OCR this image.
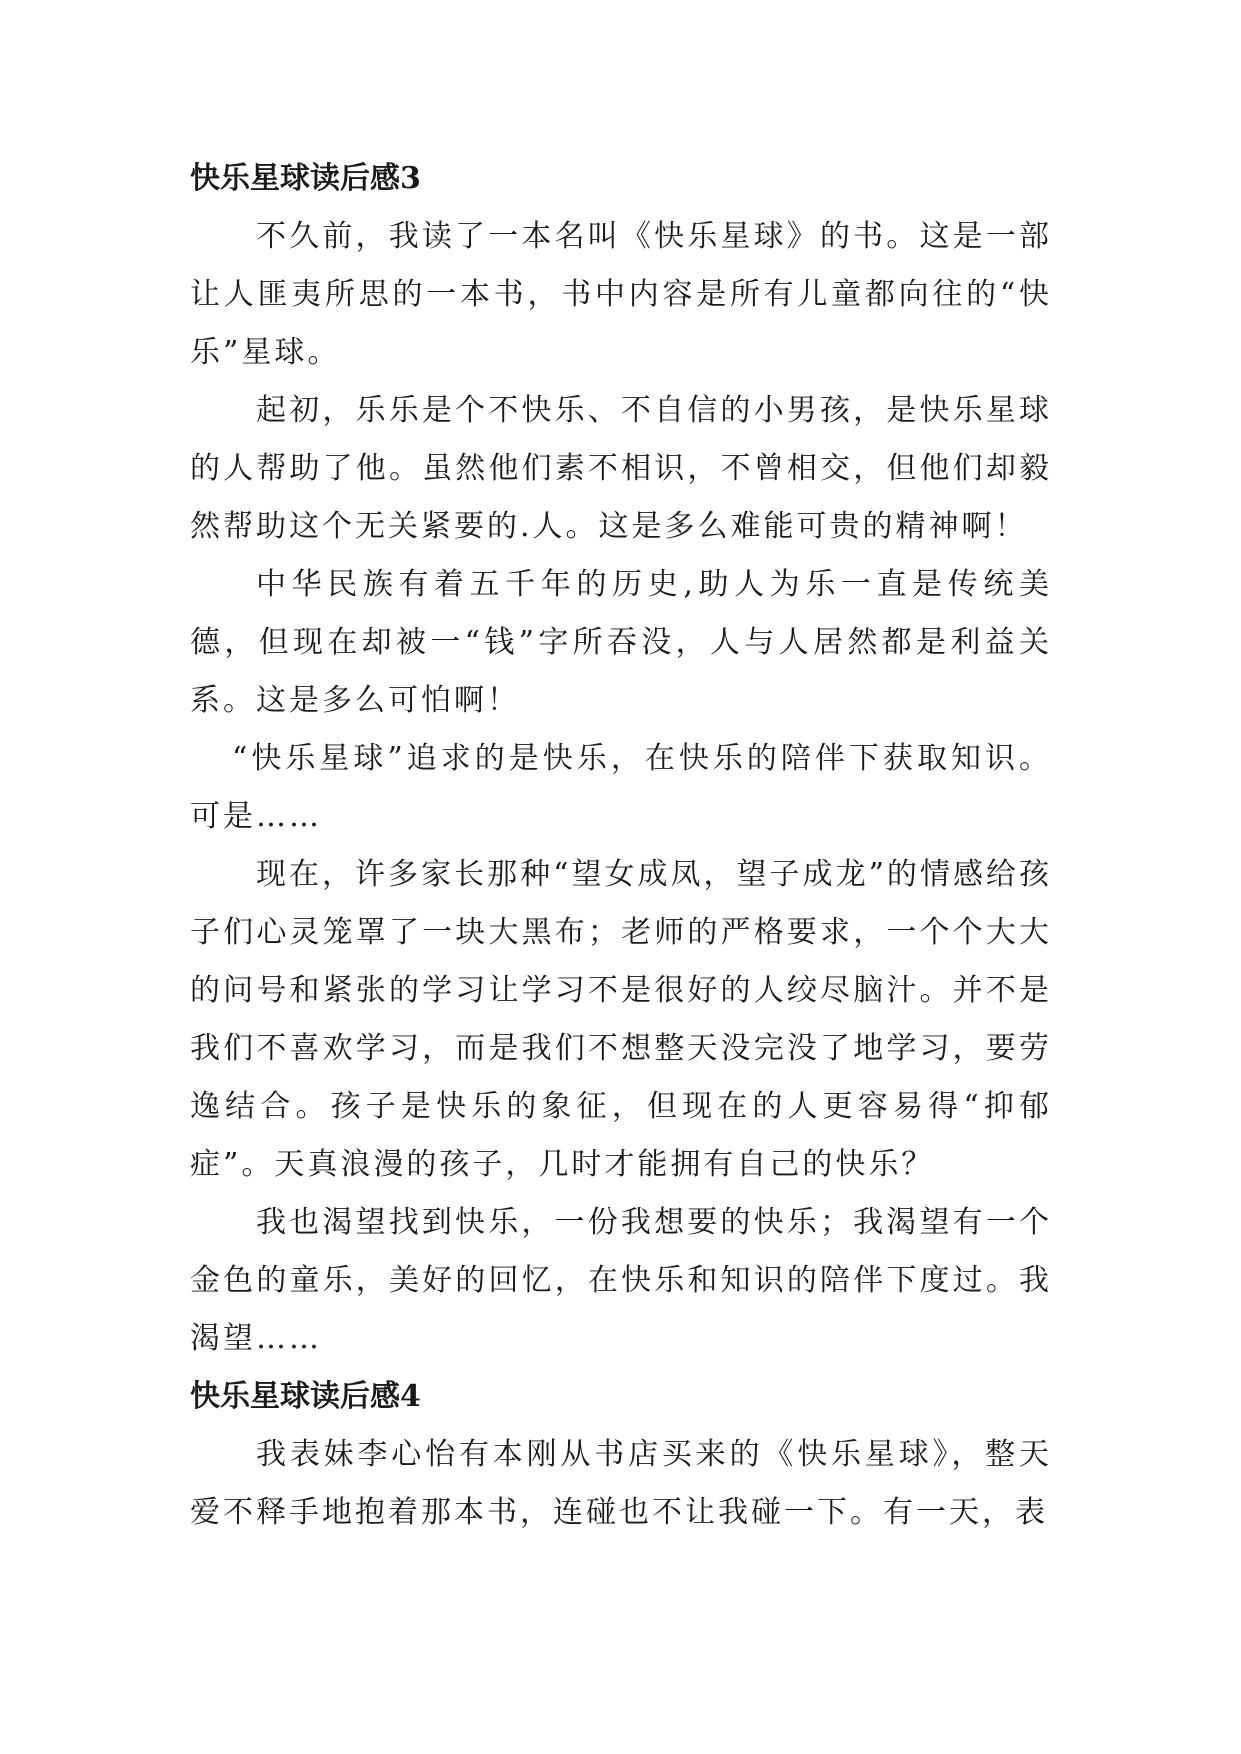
快乐星球读后感3

不久前，我读了一本名叫《快乐星球》的书。这是一部让人匪夷所思的一本书，书中内容是所有儿童都向往的“快乐”星球。

起初，乐乐是个不快乐、不自信的小男孩，是快乐星球的人帮助了他。虽然他们素不相识，不曾相交，但他们却毅然帮助这个无关紧要的.人。这是多么难能可贵的精神啊！

中华民族有着五千年的历史,助人为乐一直是传统美德，但现在却被一“钱”字所吞没，人与人居然都是利益关系。这是多么可怕啊！

“快乐星球”追求的是快乐，在快乐的陪伴下获取知识。可是……

现在，许多家长那种“望女成凤，望子成龙”的情感给孩子们心灵笼罩了一块大黑布；老师的严格要求，一个个大大的问号和紧张的学习让学习不是很好的人绞尽脑汁。并不是我们不喜欢学习，而是我们不想整天没完没了地学习，要劳逸结合。孩子是快乐的象征，但现在的人更容易得“抑郁症”。天真浪漫的孩子，几时才能拥有自己的快乐？

我也渴望找到快乐，一份我想要的快乐；我渴望有一个金色的童乐，美好的回忆，在快乐和知识的陪伴下度过。我渴望……

快乐星球读后感4

我表妹李心怡有本刚从书店买来的《快乐星球》，整天爱不释手地抱着那本书，连碰也不让我碰一下。有一天，表
